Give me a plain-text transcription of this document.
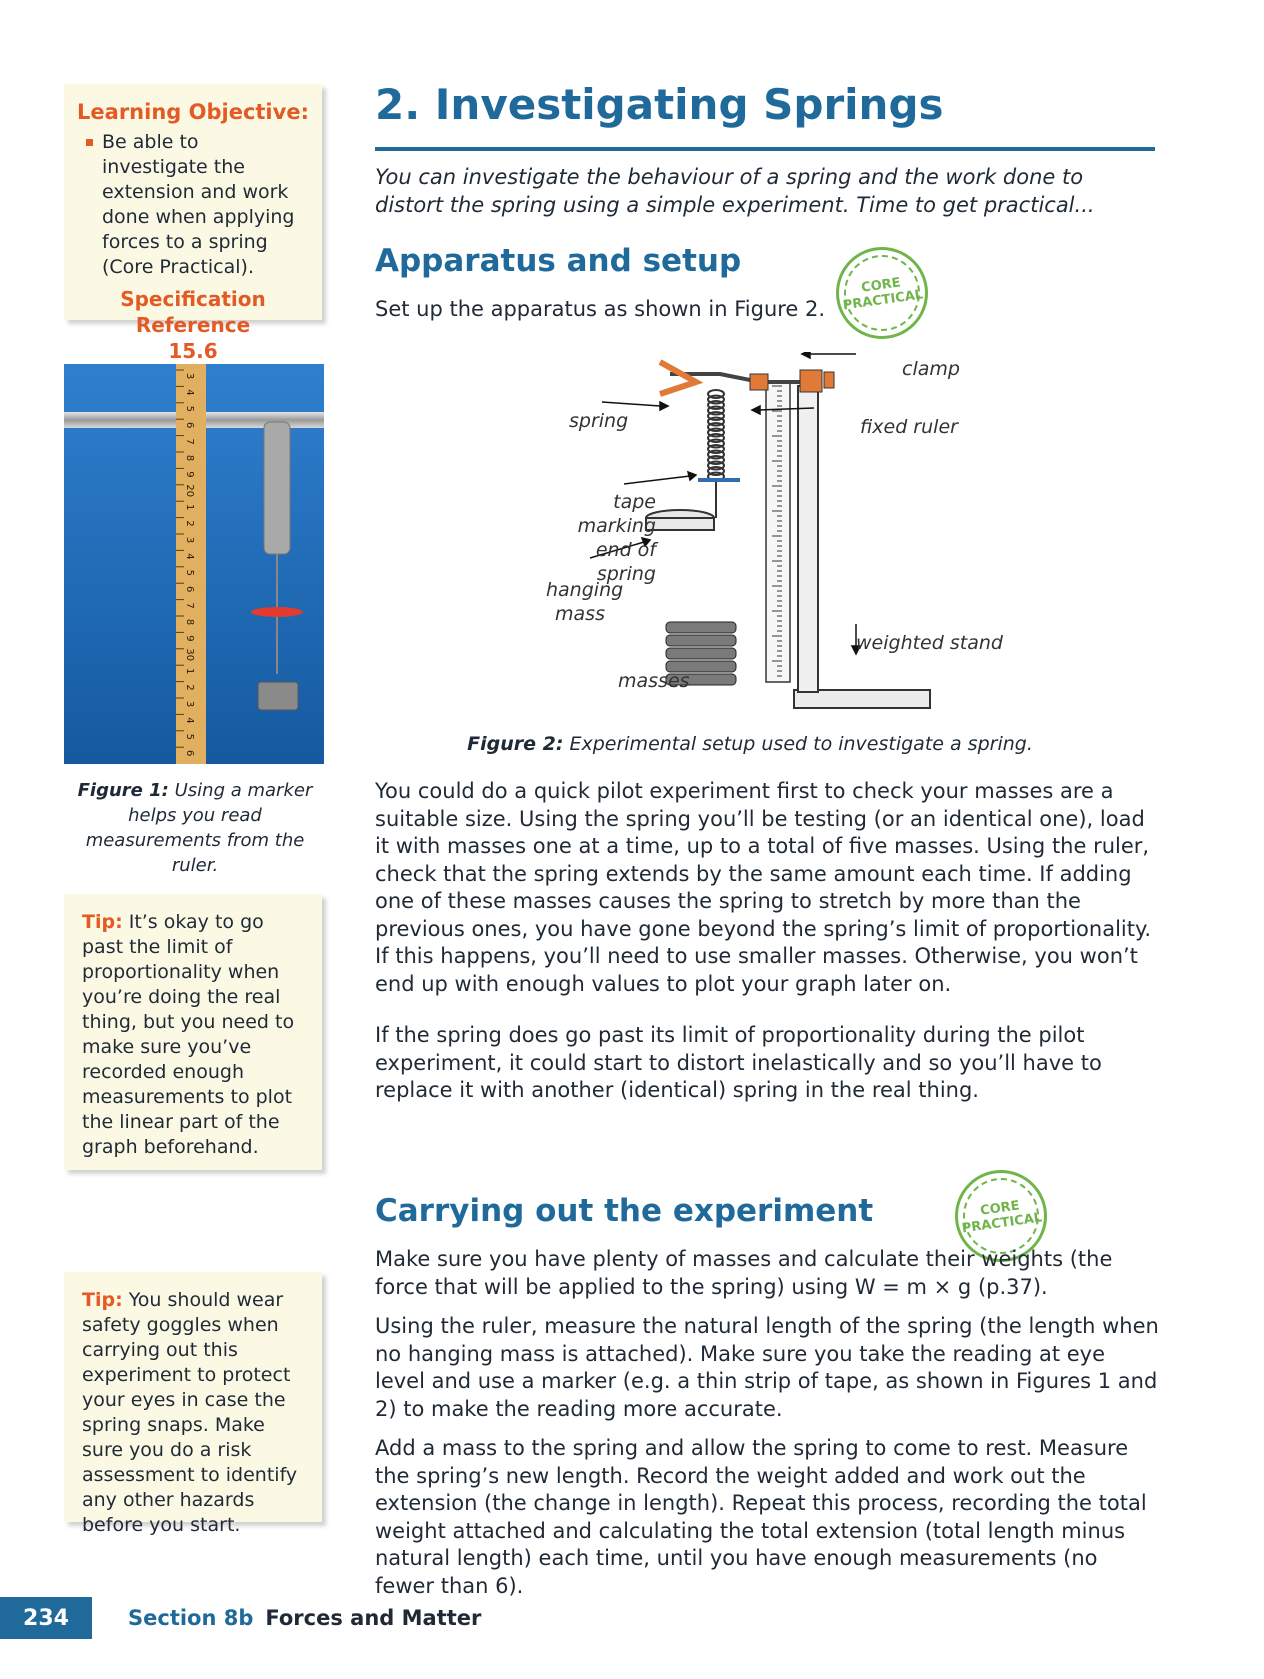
Learning Objective:
Be able to investigate the extension and work done when applying forces to a spring (Core Practical).
Specification Reference
15.6
2. Investigating Springs
You can investigate the behaviour of a spring and the work done to distort the spring using a simple experiment. Time to get practical...
Apparatus and setup
Set up the apparatus as shown in Figure 2.
CORE PRACTICAL
3
4
5
6
7
8
9
20
1
2
3
4
5
6
7
8
9
30
1
2
3
4
5
6
Figure 1: Using a marker helps you read measurements from the ruler.
clamp
spring	fixed ruler
tape marking end of spring
hanging mass
weighted stand
masses
Figure 2: Experimental setup used to investigate a spring.

You could do a quick pilot experiment first to check your masses are a suitable size. Using the spring you’ll be testing (or an identical one), load it with masses one at a time, up to a total of five masses. Using the ruler, check that the spring extends by the same amount each time. If adding one of these masses causes the spring to stretch by more than the previous ones, you have gone beyond the spring’s limit of proportionality. If this happens, you’ll need to use smaller masses. Otherwise, you won’t end up with enough values to plot your graph later on.

If the spring does go past its limit of proportionality during the pilot experiment, it could start to distort inelastically and so you’ll have to replace it with another (identical) spring in the real thing.

Tip: It’s okay to go past the limit of proportionality when you’re doing the real thing, but you need to make sure you’ve recorded enough measurements to plot the linear part of the graph beforehand.
Carrying out the experiment	CORE PRACTICAL

Make sure you have plenty of masses and calculate their weights (the force that will be applied to the spring) using W = m × g (p.37).

Using the ruler, measure the natural length of the spring (the length when no hanging mass is attached). Make sure you take the reading at eye level and use a marker (e.g. a thin strip of tape, as shown in Figures 1 and 2) to make the reading more accurate.

Add a mass to the spring and allow the spring to come to rest. Measure the spring’s new length. Record the weight added and work out the extension (the change in length). Repeat this process, recording the total weight attached and calculating the total extension (total length minus natural length) each time, until you have enough measurements (no fewer than 6).

Tip: You should wear safety goggles when carrying out this experiment to protect your eyes in case the spring snaps. Make sure you do a risk assessment to identify any other hazards before you start.
234	Section 8b Forces and Matter
